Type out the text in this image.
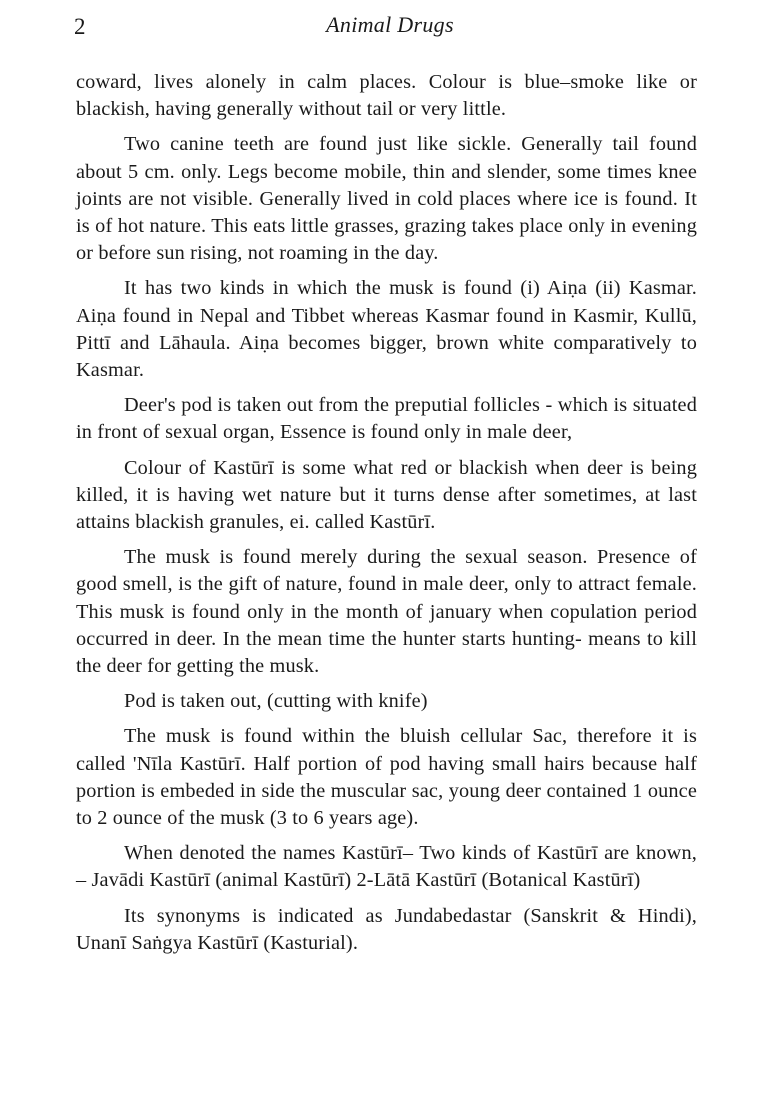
2	Animal Drugs

coward, lives alonely in calm places. Colour is blue–smoke like or blackish, having generally without tail or very little.

Two canine teeth are found just like sickle. Generally tail found about 5 cm. only. Legs become mobile, thin and slender, some times knee joints are not visible. Generally lived in cold places where ice is found. It is of hot nature. This eats little grasses, grazing takes place only in evening or before sun rising, not roaming in the day.

It has two kinds in which the musk is found (i) Aiṇa (ii) Kasmar. Aiṇa found in Nepal and Tibbet whereas Kasmar found in Kasmir, Kullū, Pittī and Lāhaula. Aiṇa becomes bigger, brown white comparatively to Kasmar.

Deer's pod is taken out from the preputial follicles - which is situated in front of sexual organ, Essence is found only in male deer,

Colour of Kastūrī is some what red or blackish when deer is being killed, it is having wet nature but it turns dense after sometimes, at last attains blackish granules, ei. called Kastūrī.

The musk is found merely during the sexual season. Presence of good smell, is the gift of nature, found in male deer, only to attract female. This musk is found only in the month of january when copulation period occurred in deer. In the mean time the hunter starts hunting- means to kill the deer for getting the musk.

Pod is taken out, (cutting with knife)

The musk is found within the bluish cellular Sac, therefore it is called 'Nīla Kastūrī. Half portion of pod having small hairs because half portion is embeded in side the muscular sac, young deer contained 1 ounce to 2 ounce of the musk (3 to 6 years age).

When denoted the names Kastūrī– Two kinds of Kastūrī are known, – Javādi Kastūrī (animal Kastūrī) 2-Lātā Kastūrī (Botanical Kastūrī)

Its synonyms is indicated as Jundabedastar (Sanskrit & Hindi), Unanī Saṅgya Kastūrī (Kasturial).
